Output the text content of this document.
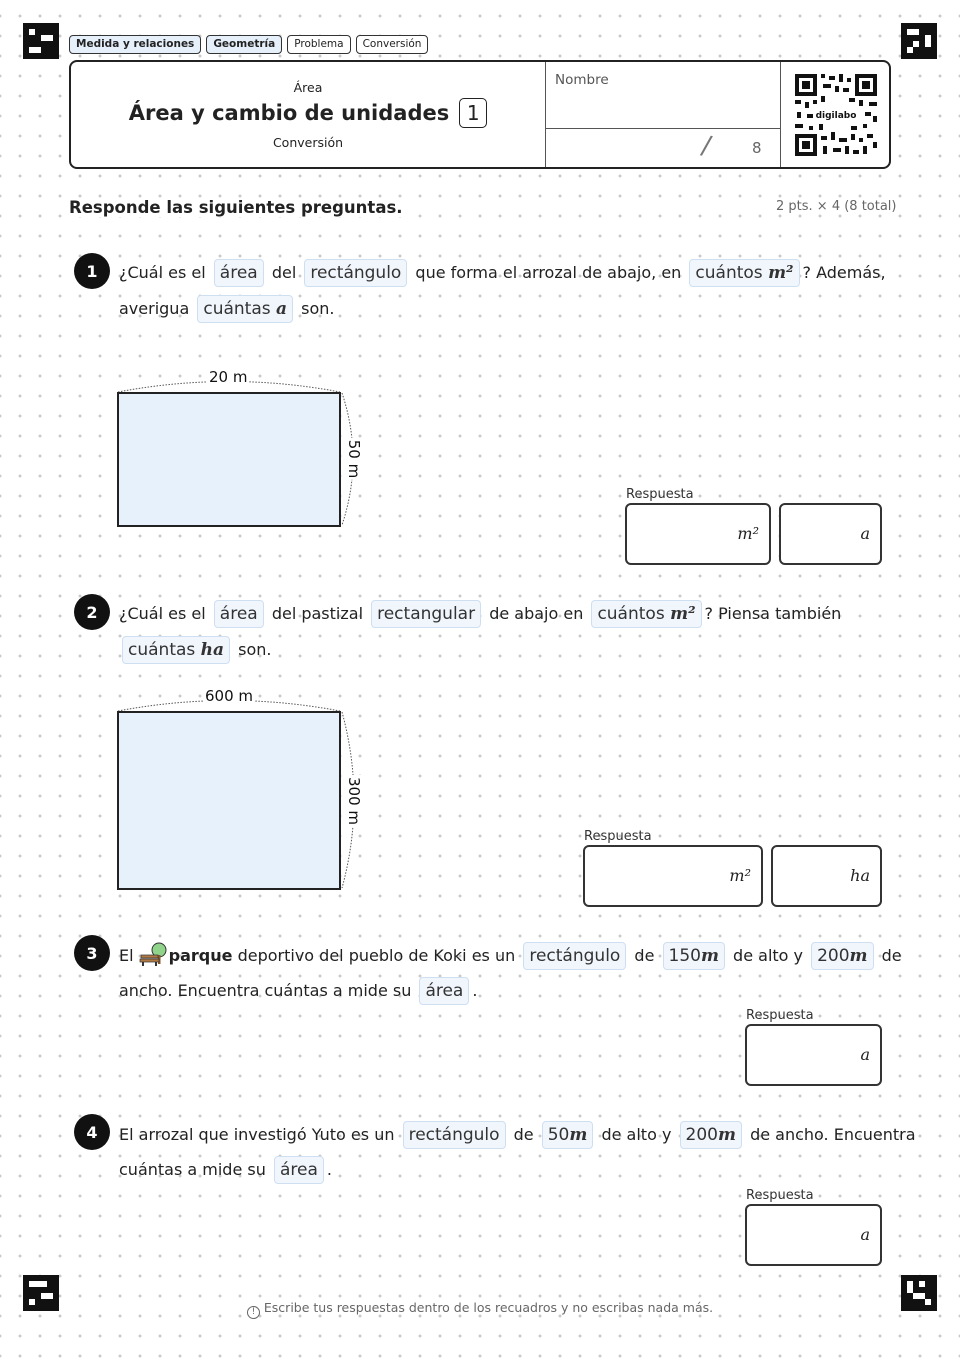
Medida y relaciones	Geometría	Problema	Conversión
Área
Área y cambio de unidades 1
Conversión
Nombre
/	8
digilabo
Responde las siguientes preguntas.	2 pts. × 4 (8 total)
1	¿Cuál es el área del rectángulo que forma el arrozal de abajo, en cuántos m² ? Además,
averigua cuántas a son.
20 m
50 m
Respuesta
m²	a
2	¿Cuál es el área del pastizal rectangular de abajo en cuántos m² ? Piensa también
cuántas ha son.
600 m
300 m
Respuesta
m²	ha
3	El parque deportivo del pueblo de Koki es un rectángulo de 150m de alto y 200m de
ancho. Encuentra cuántas a mide su área .
Respuesta
a
4	El arrozal que investigó Yuto es un rectángulo de 50m de alto y 200m de ancho. Encuentra
cuántas a mide su área .
Respuesta
a
! Escribe tus respuestas dentro de los recuadros y no escribas nada más.
